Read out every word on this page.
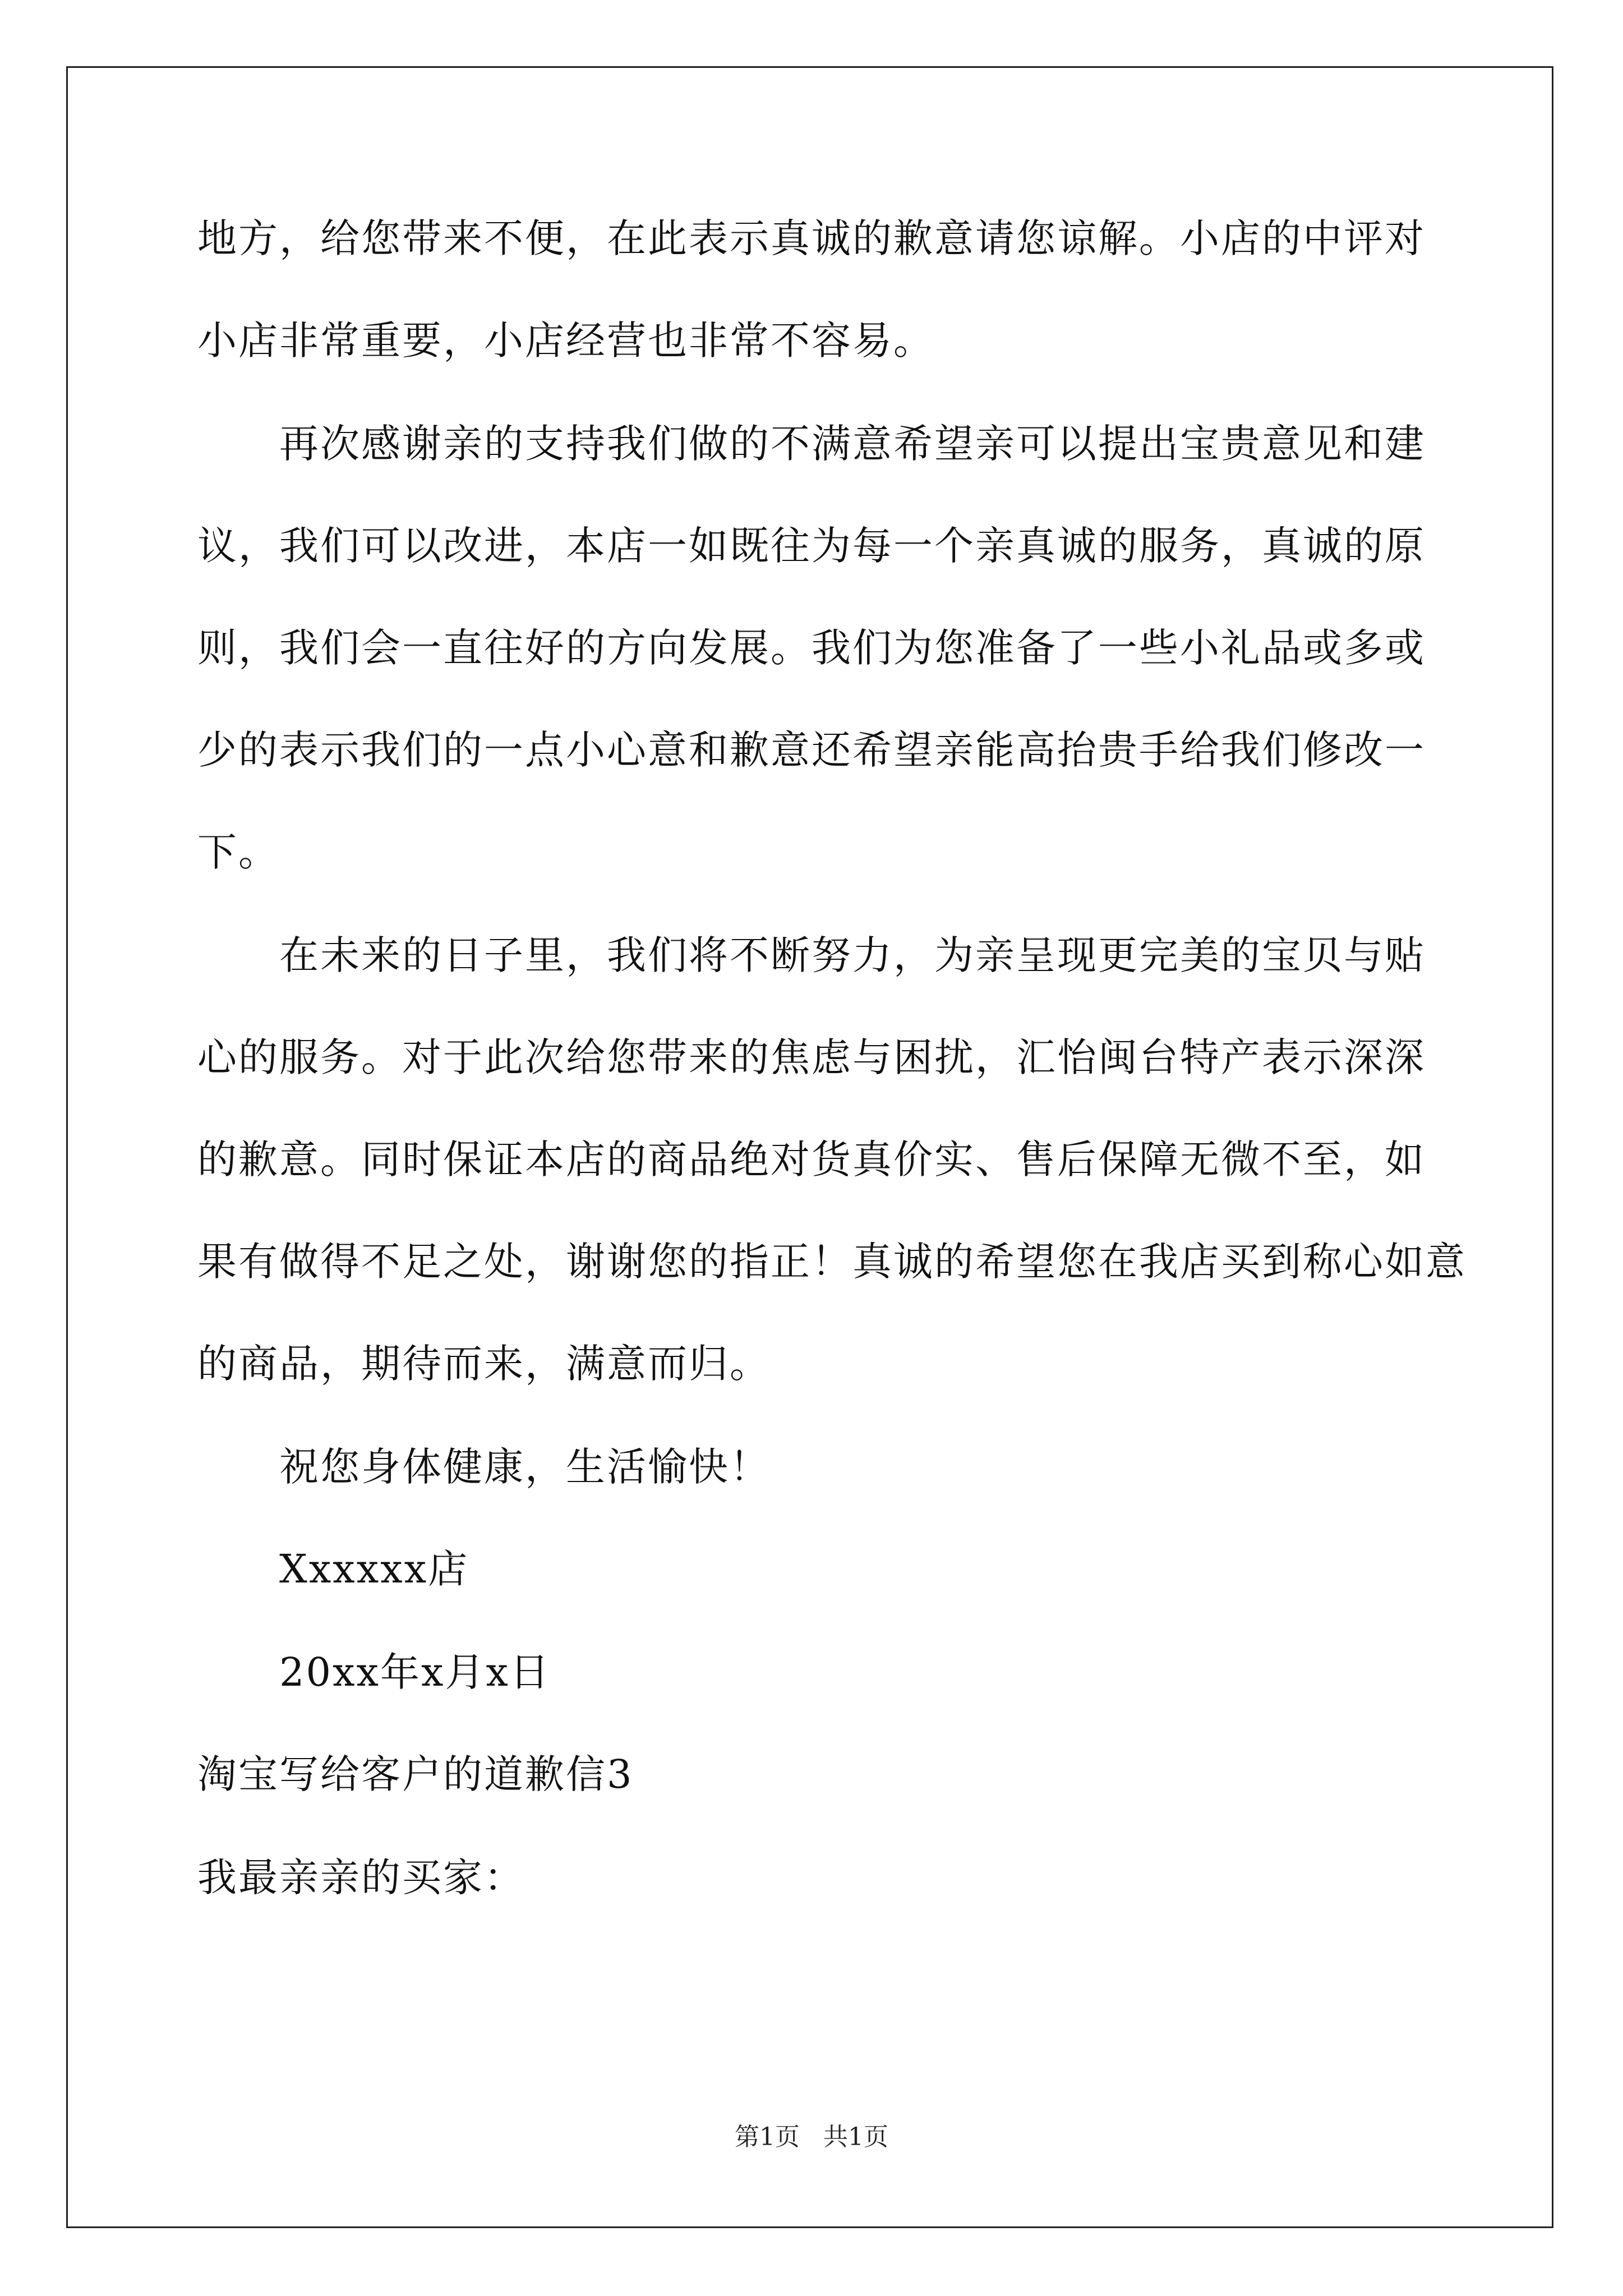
地方，给您带来不便，在此表示真诚的歉意请您谅解。小店的中评对
小店非常重要，小店经营也非常不容易。
再次感谢亲的支持我们做的不满意希望亲可以提出宝贵意见和建
议，我们可以改进，本店一如既往为每一个亲真诚的服务，真诚的原
则，我们会一直往好的方向发展。我们为您准备了一些小礼品或多或
少的表示我们的一点小心意和歉意还希望亲能高抬贵手给我们修改一
下。
在未来的日子里，我们将不断努力，为亲呈现更完美的宝贝与贴
心的服务。对于此次给您带来的焦虑与困扰，汇怡闽台特产表示深深
的歉意。同时保证本店的商品绝对货真价实、售后保障无微不至，如
果有做得不足之处，谢谢您的指正！真诚的希望您在我店买到称心如意
的商品，期待而来，满意而归。
祝您身体健康，生活愉快！
Xxxxxx店
20xx年x月x日
淘宝写给客户的道歉信3
我最亲亲的买家：
第1页   共1页
